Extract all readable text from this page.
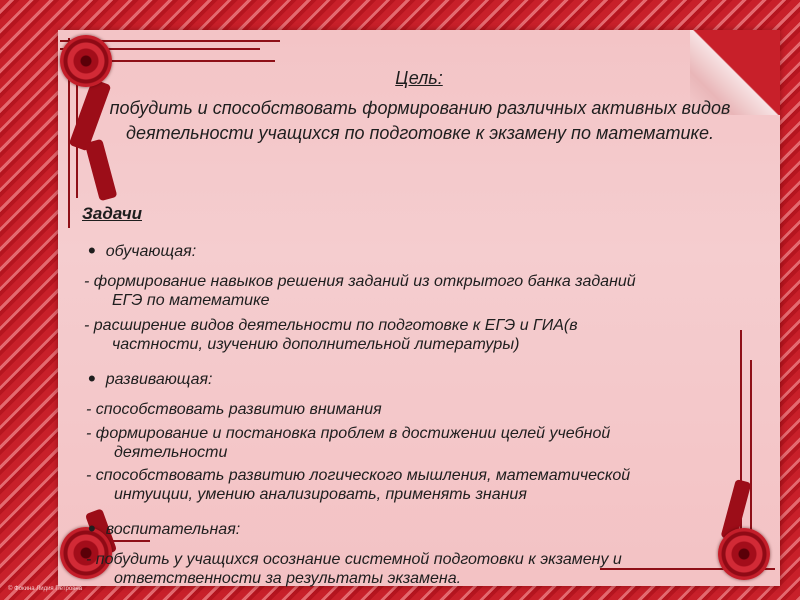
Цель:
побудить и способствовать формированию различных активных видов деятельности учащихся по подготовке к экзамену по математике.
Задачи
• обучающая:
- формирование навыков решения заданий из открытого банка заданий
ЕГЭ по математике
- расширение видов деятельности по подготовке к ЕГЭ и ГИА(в
частности, изучению дополнительной литературы)
• развивающая:
- способствовать развитию внимания
- формирование и постановка проблем в достижении целей учебной
деятельности
- способствовать развитию логического мышления, математической
интуиции, умению анализировать, применять знания
• воспитательная:
- побудить у учащихся осознание системной подготовки к экзамену и
ответственности за результаты экзамена.
© Фокина Лидия Петровна
